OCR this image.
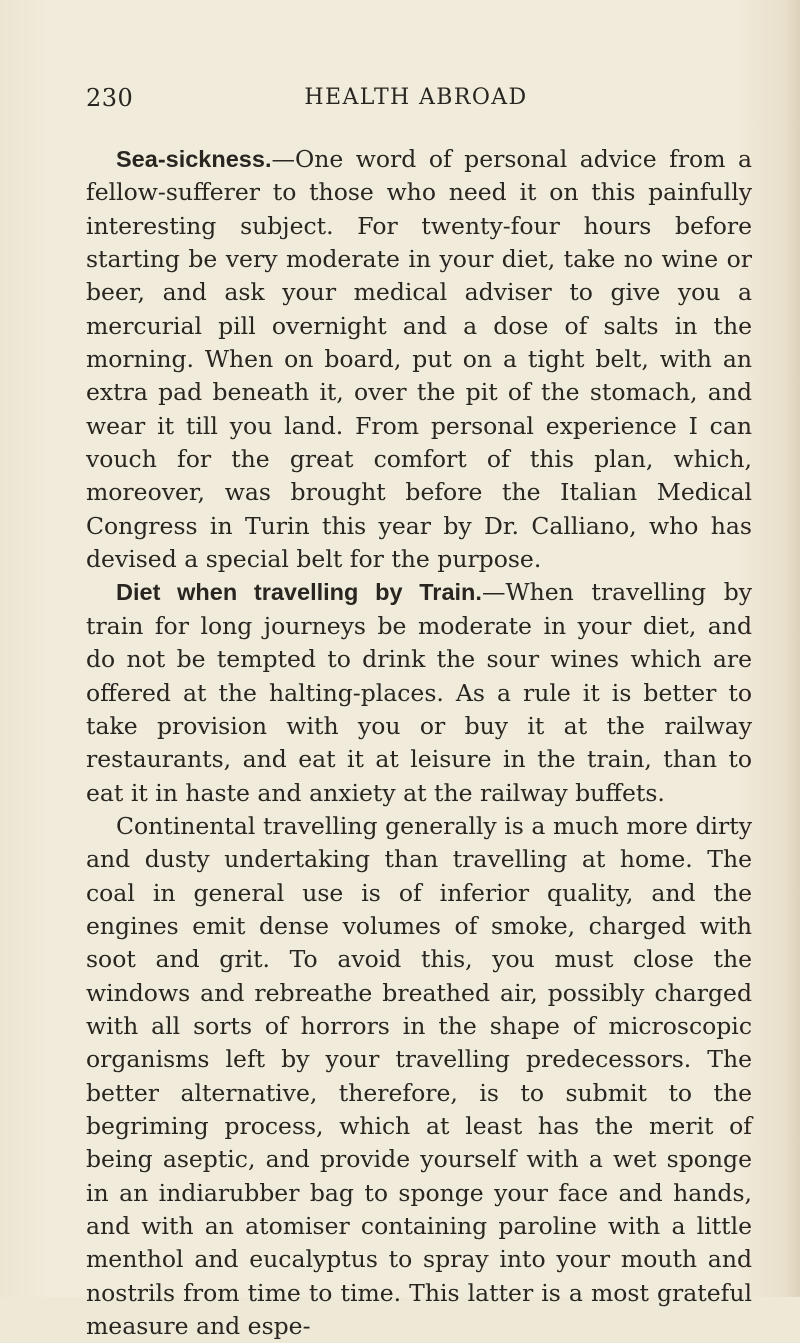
230	HEALTH ABROAD

Sea-sickness.—One word of personal advice from a fellow-sufferer to those who need it on this painfully interesting subject. For twenty-four hours before starting be very moderate in your diet, take no wine or beer, and ask your medical adviser to give you a mercurial pill overnight and a dose of salts in the morning. When on board, put on a tight belt, with an extra pad beneath it, over the pit of the stomach, and wear it till you land. From personal experience I can vouch for the great comfort of this plan, which, moreover, was brought before the Italian Medical Congress in Turin this year by Dr. Calliano, who has devised a special belt for the purpose.

Diet when travelling by Train.—When travelling by train for long journeys be moderate in your diet, and do not be tempted to drink the sour wines which are offered at the halting-places. As a rule it is better to take provision with you or buy it at the railway restaurants, and eat it at leisure in the train, than to eat it in haste and anxiety at the railway buffets.

Continental travelling generally is a much more dirty and dusty undertaking than travelling at home. The coal in general use is of inferior quality, and the engines emit dense volumes of smoke, charged with soot and grit. To avoid this, you must close the windows and rebreathe breathed air, possibly charged with all sorts of horrors in the shape of microscopic organisms left by your travelling predecessors. The better alternative, therefore, is to submit to the begriming process, which at least has the merit of being aseptic, and provide yourself with a wet sponge in an indiarubber bag to sponge your face and hands, and with an atomiser containing paroline with a little menthol and eucalyptus to spray into your mouth and nostrils from time to time. This latter is a most grateful measure and espe-
